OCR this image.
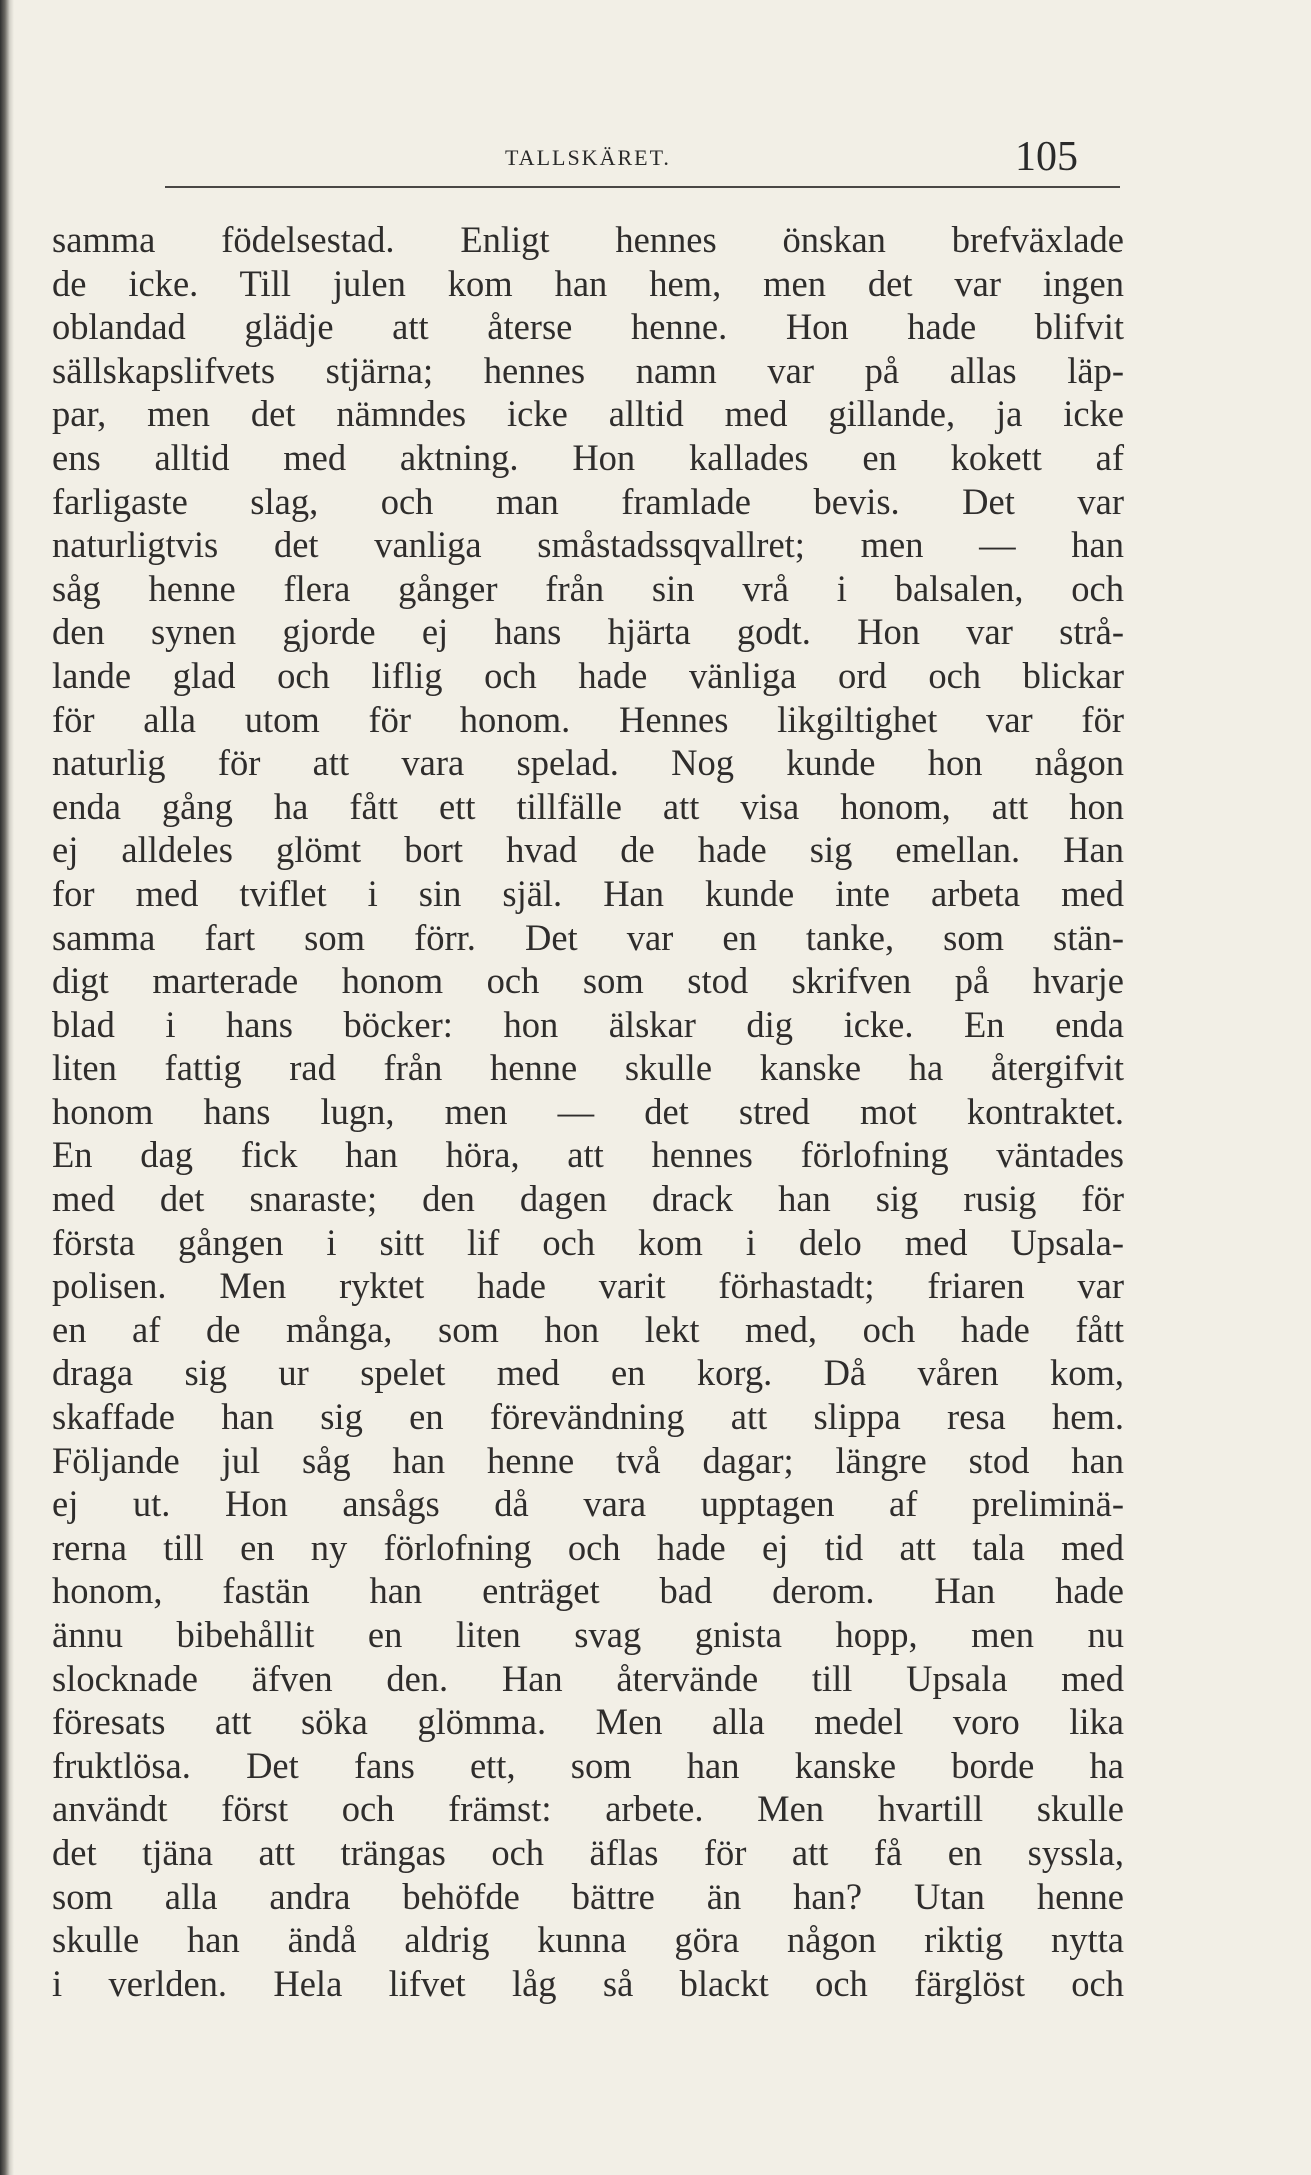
TALLSKÄRET.	105
samma födelsestad. Enligt hennes önskan brefväxlade
de icke. Till julen kom han hem, men det var ingen
oblandad glädje att återse henne. Hon hade blifvit
sällskapslifvets stjärna; hennes namn var på allas läp-
par, men det nämndes icke alltid med gillande, ja icke
ens alltid med aktning. Hon kallades en kokett af
farligaste slag, och man framlade bevis. Det var
naturligtvis det vanliga småstadssqvallret; men — han
såg henne flera gånger från sin vrå i balsalen, och
den synen gjorde ej hans hjärta godt. Hon var strå-
lande glad och liflig och hade vänliga ord och blickar
för alla utom för honom. Hennes likgiltighet var för
naturlig för att vara spelad. Nog kunde hon någon
enda gång ha fått ett tillfälle att visa honom, att hon
ej alldeles glömt bort hvad de hade sig emellan. Han
for med tviflet i sin själ. Han kunde inte arbeta med
samma fart som förr. Det var en tanke, som stän-
digt marterade honom och som stod skrifven på hvarje
blad i hans böcker: hon älskar dig icke. En enda
liten fattig rad från henne skulle kanske ha återgifvit
honom hans lugn, men — det stred mot kontraktet.
En dag fick han höra, att hennes förlofning väntades
med det snaraste; den dagen drack han sig rusig för
första gången i sitt lif och kom i delo med Upsala-
polisen. Men ryktet hade varit förhastadt; friaren var
en af de många, som hon lekt med, och hade fått
draga sig ur spelet med en korg. Då våren kom,
skaffade han sig en förevändning att slippa resa hem.
Följande jul såg han henne två dagar; längre stod han
ej ut. Hon ansågs då vara upptagen af preliminä-
rerna till en ny förlofning och hade ej tid att tala med
honom, fastän han enträget bad derom. Han hade
ännu bibehållit en liten svag gnista hopp, men nu
slocknade äfven den. Han återvände till Upsala med
föresats att söka glömma. Men alla medel voro lika
fruktlösa. Det fans ett, som han kanske borde ha
användt först och främst: arbete. Men hvartill skulle
det tjäna att trängas och äflas för att få en syssla,
som alla andra behöfde bättre än han? Utan henne
skulle han ändå aldrig kunna göra någon riktig nytta
i verlden. Hela lifvet låg så blackt och färglöst och
